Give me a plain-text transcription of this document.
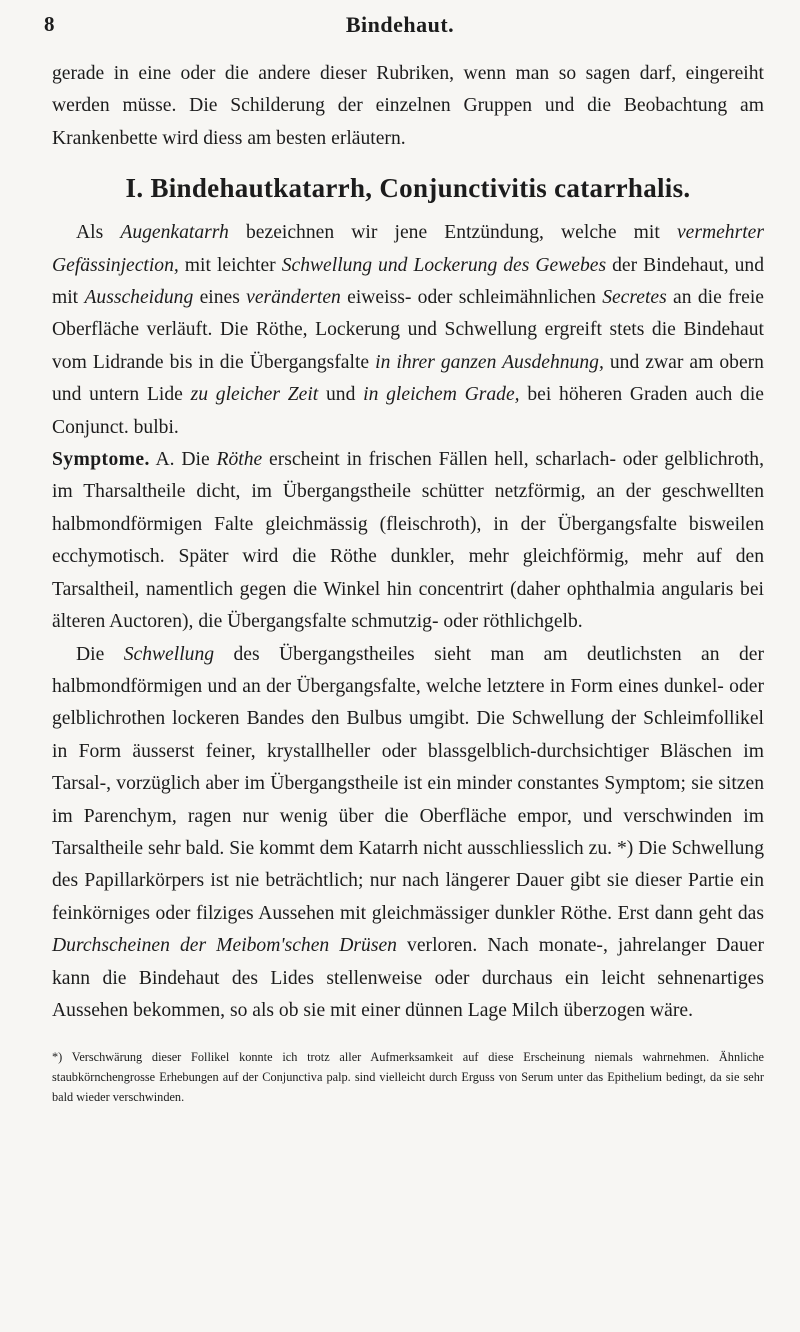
8	Bindehaut.

gerade in eine oder die andere dieser Rubriken, wenn man so sagen darf, eingereiht werden müsse. Die Schilderung der einzelnen Gruppen und die Beobachtung am Krankenbette wird diess am besten erläutern.

I. Bindehautkatarrh, Conjunctivitis catarrhalis.

Als Augenkatarrh bezeichnen wir jene Entzündung, welche mit vermehrter Gefässinjection, mit leichter Schwellung und Lockerung des Gewebes der Bindehaut, und mit Ausscheidung eines veränderten eiweiss- oder schleimähnlichen Secretes an die freie Oberfläche verläuft. Die Röthe, Lockerung und Schwellung ergreift stets die Bindehaut vom Lidrande bis in die Übergangsfalte in ihrer ganzen Ausdehnung, und zwar am obern und untern Lide zu gleicher Zeit und in gleichem Grade, bei höheren Graden auch die Conjunct. bulbi.

Symptome. A. Die Röthe erscheint in frischen Fällen hell, scharlach- oder gelblichroth, im Tharsaltheile dicht, im Übergangstheile schütter netzförmig, an der geschwellten halbmondförmigen Falte gleichmässig (fleischroth), in der Übergangsfalte bisweilen ecchymotisch. Später wird die Röthe dunkler, mehr gleichförmig, mehr auf den Tarsaltheil, namentlich gegen die Winkel hin concentrirt (daher ophthalmia angularis bei älteren Auctoren), die Übergangsfalte schmutzig- oder röthlichgelb.

Die Schwellung des Übergangstheiles sieht man am deutlichsten an der halbmondförmigen und an der Übergangsfalte, welche letztere in Form eines dunkel- oder gelblichrothen lockeren Bandes den Bulbus umgibt. Die Schwellung der Schleimfollikel in Form äusserst feiner, krystallheller oder blassgelblich-durchsichtiger Bläschen im Tarsal-, vorzüglich aber im Übergangstheile ist ein minder constantes Symptom; sie sitzen im Parenchym, ragen nur wenig über die Oberfläche empor, und verschwinden im Tarsaltheile sehr bald. Sie kommt dem Katarrh nicht ausschliesslich zu. *) Die Schwellung des Papillarkörpers ist nie beträchtlich; nur nach längerer Dauer gibt sie dieser Partie ein feinkörniges oder filziges Aussehen mit gleichmässiger dunkler Röthe. Erst dann geht das Durchscheinen der Meibom'schen Drüsen verloren. Nach monate-, jahrelanger Dauer kann die Bindehaut des Lides stellenweise oder durchaus ein leicht sehnenartiges Aussehen bekommen, so als ob sie mit einer dünnen Lage Milch überzogen wäre.

*) Verschwärung dieser Follikel konnte ich trotz aller Aufmerksamkeit auf diese Erscheinung niemals wahrnehmen. Ähnliche staubkörnchengrosse Erhebungen auf der Conjunctiva palp. sind vielleicht durch Erguss von Serum unter das Epithelium bedingt, da sie sehr bald wieder verschwinden.
